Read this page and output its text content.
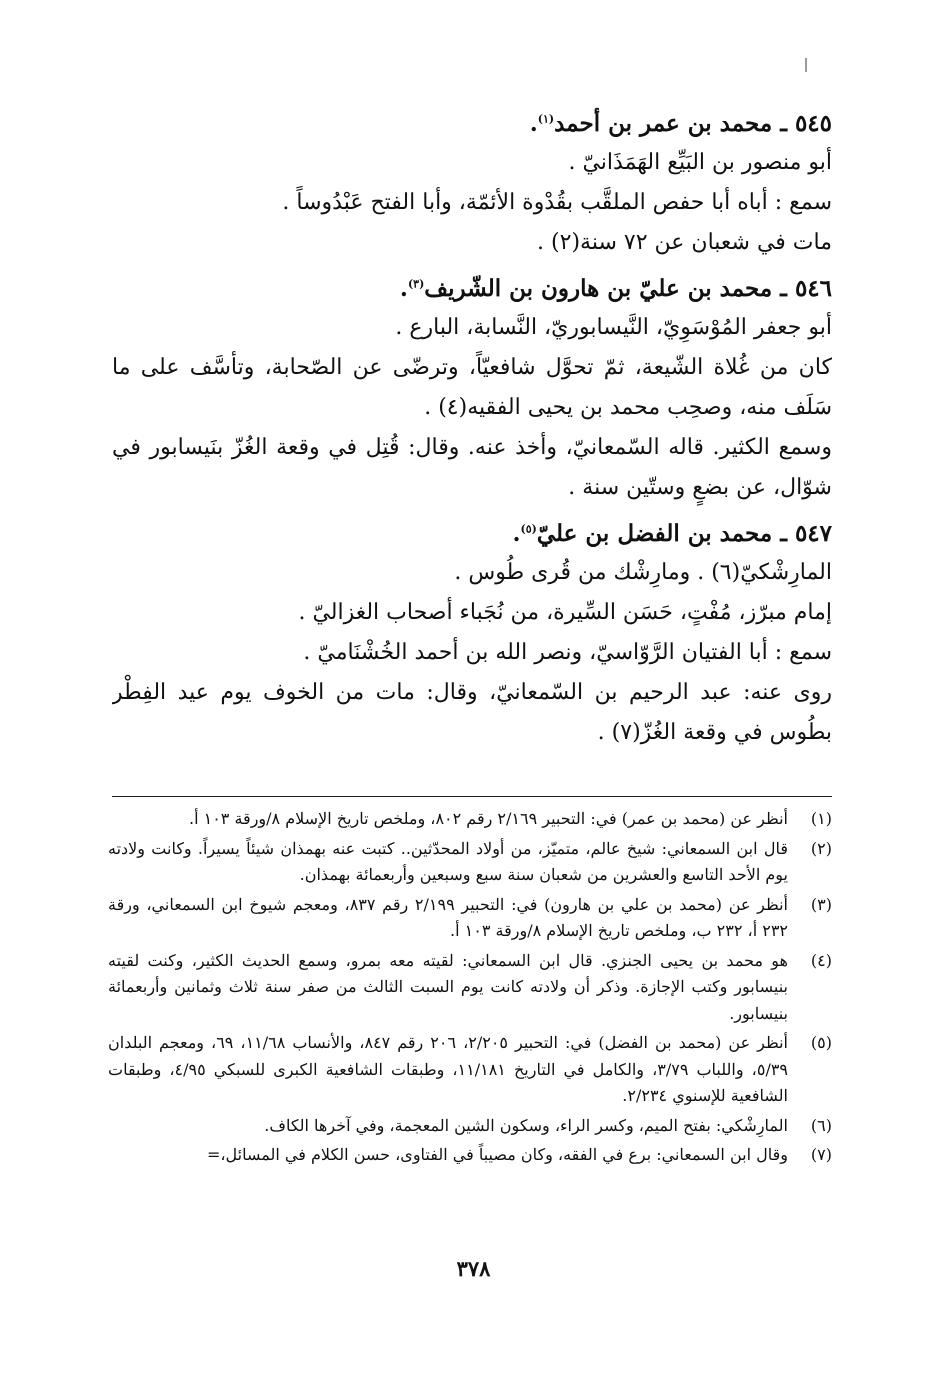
٥٤٥ ـ محمد بن عمر بن أحمد$^{(١)}$.

أبو منصور بن البَيِّع الهَمَذَانيّ .

سمع : أباه أبا حفص الملقَّب بقُدْوة الأئمّة، وأبا الفتح عَبْدُوساً .

مات في شعبان عن ٧٢ سنة(٢) .

٥٤٦ ـ محمد بن عليّ بن هارون بن الشّريف$^{(٣)}$.

أبو جعفر المُوْسَوِيّ، النَّيسابوريّ، النَّسابة، البارع .

كان من غُلاة الشّيعة، ثمّ تحوَّل شافعيّاً، وترضّى عن الصّحابة، وتأسَّف على ما سَلَف منه، وصحِب محمد بن يحيى الفقيه(٤) .

وسمع الكثير. قاله السّمعانيّ، وأخذ عنه. وقال: قُتِل في وقعة الغُزّ بنَيسابور في شوّال، عن بضعٍ وستّين سنة .

٥٤٧ ـ محمد بن الفضل بن عليّ$^{(٥)}$.

المارِشْكيّ(٦) . ومارِشْك من قُرى طُوس .

إمام مبرّز، مُفْتٍ، حَسَن السِّيرة، من نُجَباء أصحاب الغزاليّ .

سمع : أبا الفتيان الرَّوّاسيّ، ونصر الله بن أحمد الخُشْنَاميّ .

روى عنه: عبد الرحيم بن السّمعانيّ، وقال: مات من الخوف يوم عيد الفِطْر بطُوس في وقعة الغُزّ(٧) .

(١)
أنظر عن (محمد بن عمر) في: التحبير ٢/١٦٩ رقم ٨٠٢، وملخص تاريخ الإسلام ٨/ورقة ١٠٣ أ.
(٢)
قال ابن السمعاني: شيخ عالم، متميّز، من أولاد المحدّثين.. كتبت عنه بهمذان شيئاً يسيراً. وكانت ولادته يوم الأحد التاسع والعشرين من شعبان سنة سبع وسبعين وأربعمائة بهمذان.
(٣)
أنظر عن (محمد بن علي بن هارون) في: التحبير ٢/١٩٩ رقم ٨٣٧، ومعجم شيوخ ابن السمعاني، ورقة ٢٣٢ أ، ٢٣٢ ب، وملخص تاريخ الإسلام ٨/ورقة ١٠٣ أ.
(٤)
هو محمد بن يحيى الجنزي. قال ابن السمعاني: لقيته معه بمرو، وسمع الحديث الكثير، وكنت لقيته بنيسابور وكتب الإجازة. وذكر أن ولادته كانت يوم السبت الثالث من صفر سنة ثلاث وثمانين وأربعمائة بنيسابور.
(٥)
أنظر عن (محمد بن الفضل) في: التحبير ٢/٢٠٥، ٢٠٦ رقم ٨٤٧، والأنساب ١١/٦٨، ٦٩، ومعجم البلدان ٥/٣٩، واللباب ٣/٧٩، والكامل في التاريخ ١١/١٨١، وطبقات الشافعية الكبرى للسبكي ٤/٩٥، وطبقات الشافعية للإسنوي ٢/٢٣٤.
(٦)
المارِشْكي: بفتح الميم، وكسر الراء، وسكون الشين المعجمة، وفي آخرها الكاف.
(٧)
وقال ابن السمعاني: برع في الفقه، وكان مصيباً في الفتاوى، حسن الكلام في المسائل،=
٣٧٨
